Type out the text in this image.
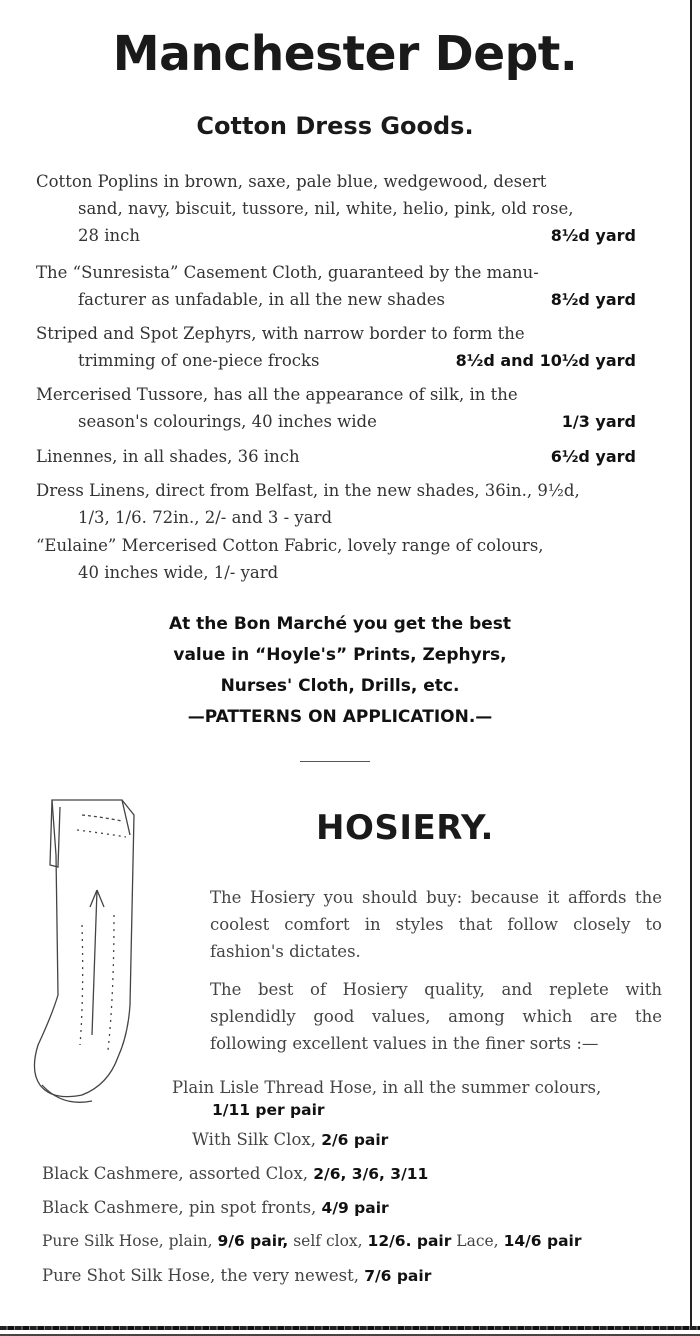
Manchester Dept.
Cotton Dress Goods.
Cotton Poplins in brown, saxe, pale blue, wedgewood, desert
sand, navy, biscuit, tussore, nil, white, helio, pink, old rose,
28 inch	8½d yard
The “Sunresista” Casement Cloth, guaranteed by the manu-
facturer as unfadable, in all the new shades	8½d yard
Striped and Spot Zephyrs, with narrow border to form the
trimming of one-piece frocks	8½d and 10½d yard
Mercerised Tussore, has all the appearance of silk, in the
season's colourings, 40 inches wide	1/3 yard
Linennes, in all shades, 36 inch	6½d yard
Dress Linens, direct from Belfast, in the new shades, 36in., 9½d,
1/3, 1/6. 72in., 2/- and 3 - yard
“Eulaine” Mercerised Cotton Fabric, lovely range of colours,
40 inches wide, 1/- yard
At the Bon Marché you get the best
value in “Hoyle's” Prints, Zephyrs,
Nurses' Cloth, Drills, etc.
—PATTERNS ON APPLICATION.—
HOSIERY.
The Hosiery you should buy: because it affords the coolest comfort in styles that follow closely to fashion's dictates.
The best of Hosiery quality, and replete with splendidly good values, among which are the following excellent values in the finer sorts :—
Plain Lisle Thread Hose, in all the summer colours,
1/11 per pair
With Silk Clox, 2/6 pair
Black Cashmere, assorted Clox, 2/6, 3/6, 3/11
Black Cashmere, pin spot fronts, 4/9 pair
Pure Silk Hose, plain, 9/6 pair, self clox, 12/6. pair Lace, 14/6 pair
Pure Shot Silk Hose, the very newest, 7/6 pair
